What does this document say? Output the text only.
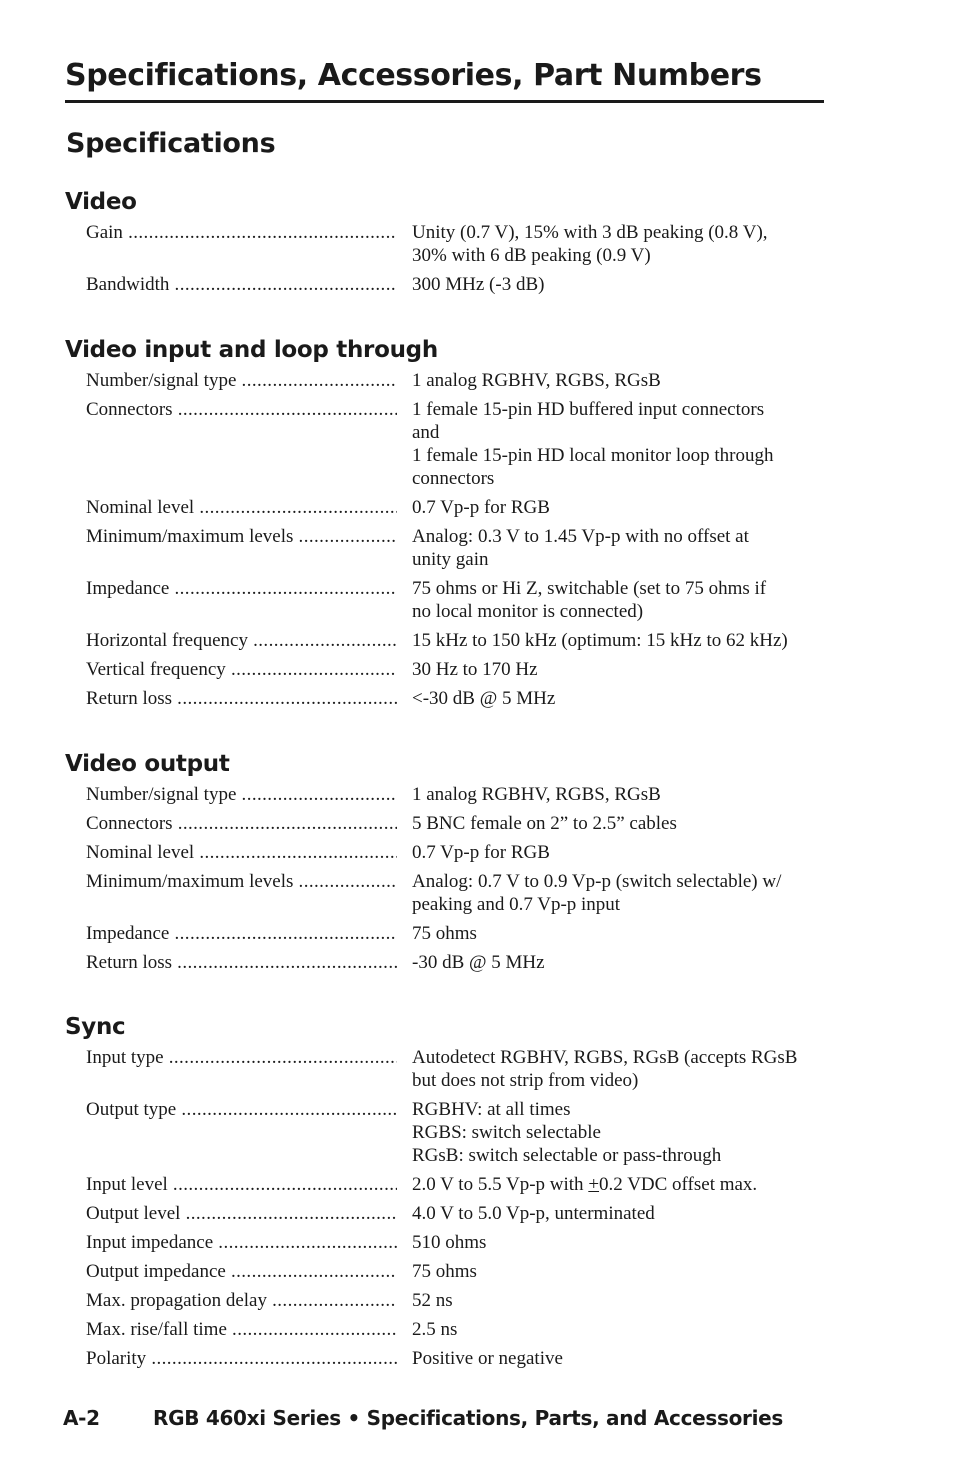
Specifications, Accessories, Part Numbers
Specifications
Video
Gain .....	Unity (0.7 V), 15% with 3 dB peaking (0.8 V),
30% with 6 dB peaking (0.9 V)
Bandwidth .....	300 MHz (-3 dB)
Video input and loop through
Number/signal type .....	1 analog RGBHV, RGBS, RGsB
Connectors .....	1 female 15-pin HD buffered input connectors
and
1 female 15-pin HD local monitor loop through
connectors
Nominal level .....	0.7 Vp-p for RGB
Minimum/maximum levels .....	Analog: 0.3 V to 1.45 Vp-p with no offset at
unity gain
Impedance .....	75 ohms or Hi Z, switchable (set to 75 ohms if
no local monitor is connected)
Horizontal frequency .....	15 kHz to 150 kHz (optimum: 15 kHz to 62 kHz)
Vertical frequency .....	30 Hz to 170 Hz
Return loss .....	<-30 dB @ 5 MHz
Video output
Number/signal type .....	1 analog RGBHV, RGBS, RGsB
Connectors .....	5 BNC female on 2” to 2.5” cables
Nominal level .....	0.7 Vp-p for RGB
Minimum/maximum levels .....	Analog: 0.7 V to 0.9 Vp-p (switch selectable) w/
peaking and 0.7 Vp-p input
Impedance .....	75 ohms
Return loss .....	-30 dB @ 5 MHz
Sync
Input type .....	Autodetect RGBHV, RGBS, RGsB (accepts RGsB
but does not strip from video)
Output type .....	RGBHV: at all times
RGBS: switch selectable
RGsB: switch selectable or pass-through
Input level .....	2.0 V to 5.5 Vp-p with +0.2 VDC offset max.
Output level .....	4.0 V to 5.0 Vp-p, unterminated
Input impedance .....	510 ohms
Output impedance .....	75 ohms
Max. propagation delay .....	52 ns
Max. rise/fall time .....	2.5 ns
Polarity .....	Positive or negative
A-2	RGB 460xi Series • Specifications, Parts, and Accessories
